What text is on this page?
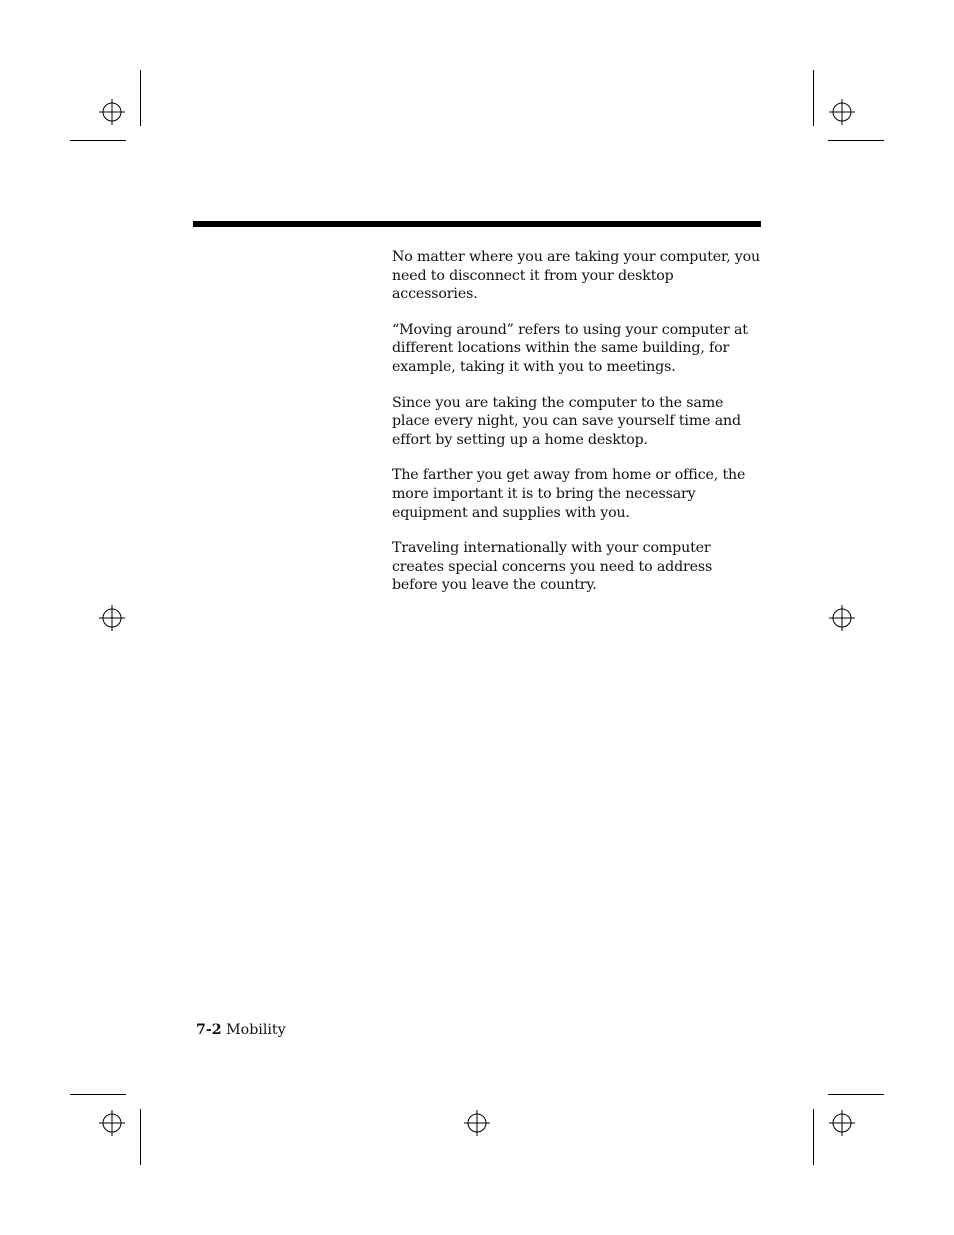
No matter where you are taking your computer, you need to disconnect it from your desktop accessories.

“Moving around” refers to using your computer at different locations within the same building, for example, taking it with you to meetings.

Since you are taking the computer to the same place every night, you can save yourself time and effort by setting up a home desktop.

The farther you get away from home or office, the more important it is to bring the necessary equipment and supplies with you.

Traveling internationally with your computer creates special concerns you need to address before you leave the country.

7-2 Mobility
